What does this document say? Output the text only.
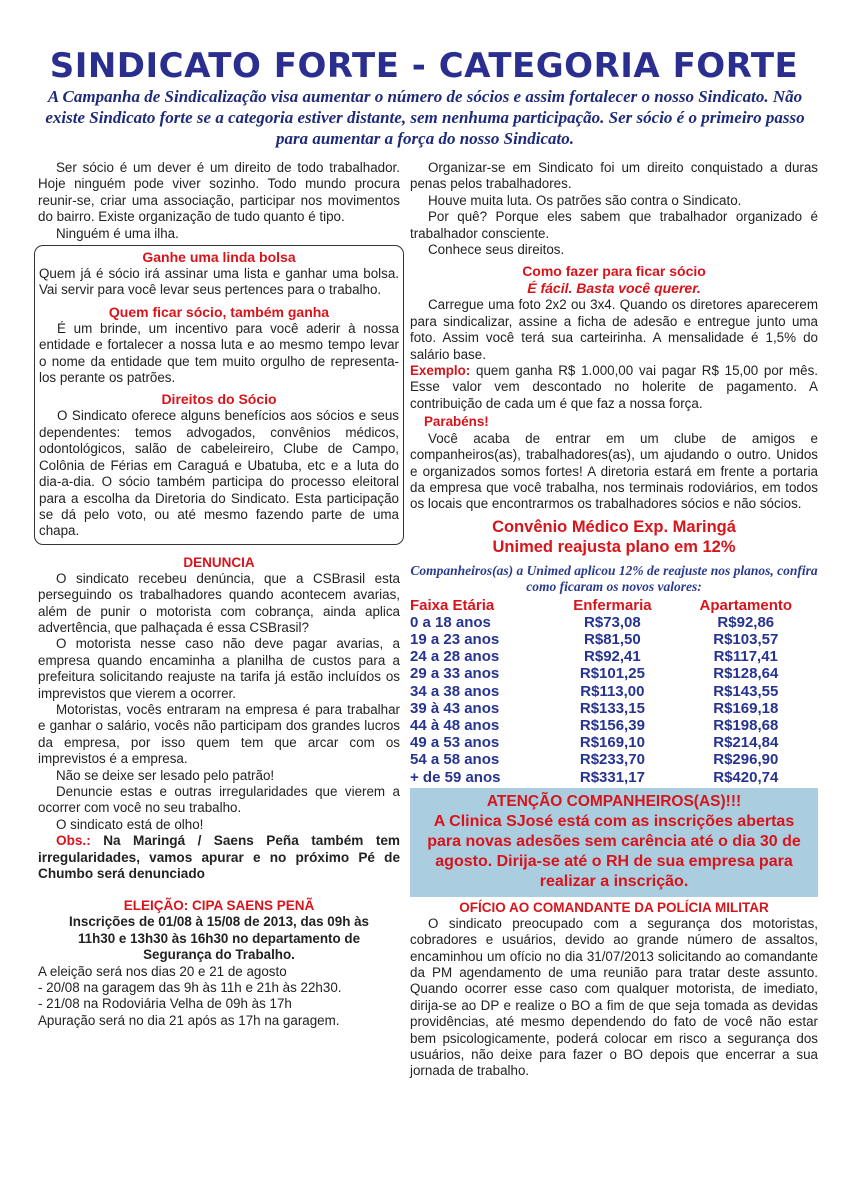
SINDICATO FORTE - CATEGORIA FORTE
A Campanha de Sindicalização visa aumentar o número de sócios e assim fortalecer o nosso Sindicato. Não existe Sindicato forte se a categoria estiver distante, sem nenhuma participação. Ser sócio é o primeiro passo para aumentar a força do nosso Sindicato.

Ser sócio é um dever é um direito de todo trabalhador. Hoje ninguém pode viver sozinho. Todo mundo procura reunir-se, criar uma associação, participar nos movimentos do bairro. Existe organização de tudo quanto é tipo.

Ninguém é uma ilha.

Ganhe uma linda bolsa

Quem já é sócio irá assinar uma lista e ganhar uma bolsa. Vai servir para você levar seus pertences para o trabalho.

Quem ficar sócio, também ganha

É um brinde, um incentivo para você aderir à nossa entidade e fortalecer a nossa luta e ao mesmo tempo levar o nome da entidade que tem muito orgulho de representa-los perante os patrões.

Direitos do Sócio

O Sindicato oferece alguns benefícios aos sócios e seus dependentes: temos advogados, convênios médicos, odontológicos, salão de cabeleireiro, Clube de Campo, Colônia de Férias em Caraguá e Ubatuba, etc e a luta do dia-a-dia. O sócio também participa do processo eleitoral para a escolha da Diretoria do Sindicato. Esta participação se dá pelo voto, ou até mesmo fazendo parte de uma chapa.

DENUNCIA

O sindicato recebeu denúncia, que a CSBrasil esta perseguindo os trabalhadores quando acontecem avarias, além de punir o motorista com cobrança, ainda aplica advertência, que palhaçada é essa CSBrasil?

O motorista nesse caso não deve pagar avarias, a empresa quando encaminha a planilha de custos para a prefeitura solicitando reajuste na tarifa já estão incluídos os imprevistos que vierem a ocorrer.

Motoristas, vocês entraram na empresa é para trabalhar e ganhar o salário, vocês não participam dos grandes lucros da empresa, por isso quem tem que arcar com os imprevistos é a empresa.

Não se deixe ser lesado pelo patrão!

Denuncie estas e outras irregularidades que vierem a ocorrer com você no seu trabalho.

O sindicato está de olho!

Obs.: Na Maringá / Saens Peña também tem irregularidades, vamos apurar e no próximo Pé de Chumbo será denunciado

ELEIÇÃO: CIPA SAENS PENÃ

Inscrições de 01/08 à 15/08 de 2013, das 09h às 11h30 e 13h30 às 16h30 no departamento de Segurança do Trabalho.

A eleição será nos dias 20 e 21 de agosto
- 20/08 na garagem das 9h às 11h e 21h às 22h30.
- 21/08 na Rodoviária Velha de 09h às 17h
Apuração será no dia 21 após as 17h na garagem.

Organizar-se em Sindicato foi um direito conquistado a duras penas pelos trabalhadores.

Houve muita luta. Os patrões são contra o Sindicato.

Por quê? Porque eles sabem que trabalhador organizado é trabalhador consciente.

Conhece seus direitos.

Como fazer para ficar sócio
É fácil. Basta você querer.

Carregue uma foto 2x2 ou 3x4. Quando os diretores aparecerem para sindicalizar, assine a ficha de adesão e entregue junto uma foto. Assim você terá sua carteirinha. A mensalidade é 1,5% do salário base.

Exemplo: quem ganha R$ 1.000,00 vai pagar R$ 15,00 por mês. Esse valor vem descontado no holerite de pagamento. A contribuição de cada um é que faz a nossa força.

Parabéns!

Você acaba de entrar em um clube de amigos e companheiros(as), trabalhadores(as), um ajudando o outro. Unidos e organizados somos fortes! A diretoria estará em frente a portaria da empresa que você trabalha, nos terminais rodoviários, em todos os locais que encontrarmos os trabalhadores sócios e não sócios.

Convênio Médico Exp. Maringá
Unimed reajusta plano em 12%
Companheiros(as) a Unimed aplicou 12% de reajuste nos planos, confira como ficaram os novos valores:
Faixa Etária	Enfermaria	Apartamento
0 a 18 anos	R$73,08	R$92,86
19 a 23 anos	R$81,50	R$103,57
24 a 28 anos	R$92,41	R$117,41
29 a 33 anos	R$101,25	R$128,64
34 a 38 anos	R$113,00	R$143,55
39 à 43 anos	R$133,15	R$169,18
44 à 48 anos	R$156,39	R$198,68
49 a 53 anos	R$169,10	R$214,84
54 a 58 anos	R$233,70	R$296,90
+ de 59 anos	R$331,17	R$420,74
ATENÇÃO COMPANHEIROS(AS)!!!
A Clinica SJosé está com as inscrições abertas para novas adesões sem carência até o dia 30 de agosto. Dirija-se até o RH de sua empresa para realizar a inscrição.
OFÍCIO AO COMANDANTE DA POLÍCIA MILITAR

O sindicato preocupado com a segurança dos motoristas, cobradores e usuários, devido ao grande número de assaltos, encaminhou um ofício no dia 31/07/2013 solicitando ao comandante da PM agendamento de uma reunião para tratar deste assunto. Quando ocorrer esse caso com qualquer motorista, de imediato, dirija-se ao DP e realize o BO a fim de que seja tomada as devidas providências, até mesmo dependendo do fato de você não estar bem psicologicamente, poderá colocar em risco a segurança dos usuários, não deixe para fazer o BO depois que encerrar a sua jornada de trabalho.
